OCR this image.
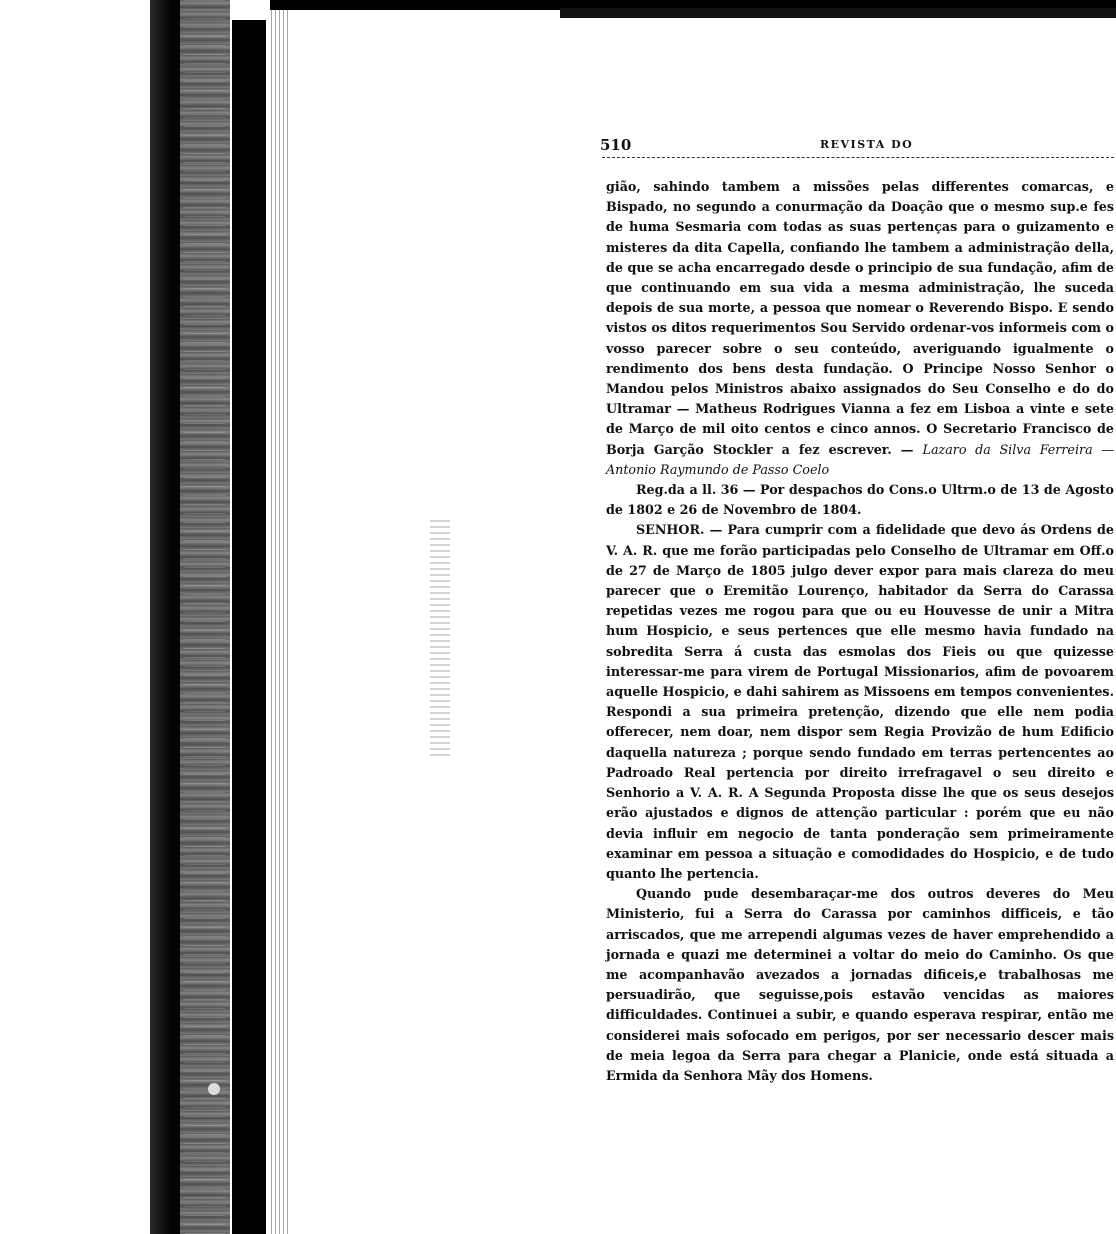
510	REVISTA DO

gião, sahindo tambem a missões pelas differentes comarcas, e Bispado, no segundo a conurmação da Doação que o mesmo sup.e fes de huma Sesmaria com todas as suas pertenças para o guizamento e misteres da dita Capella, confiando lhe tambem a administração della, de que se acha encarregado desde o principio de sua fundação, afim de que continuando em sua vida a mesma administração, lhe suceda depois de sua morte, a pessoa que nomear o Reverendo Bispo. E sendo vistos os ditos requerimentos Sou Servido ordenar-vos informeis com o vosso parecer sobre o seu conteúdo, averiguando igualmente o rendimento dos bens desta fundação. O Principe Nosso Senhor o Mandou pelos Ministros abaixo assignados do Seu Conselho e do do Ultramar — Matheus Rodrigues Vianna a fez em Lisboa a vinte e sete de Março de mil oito centos e cinco annos. O Secretario Francisco de Borja Garção Stockler a fez escrever. — Lazaro da Silva Ferreira — Antonio Raymundo de Passo Coelo

Reg.da a ll. 36 — Por despachos do Cons.o Ultrm.o de 13 de Agosto de 1802 e 26 de Novembro de 1804.

SENHOR. — Para cumprir com a fidelidade que devo ás Ordens de V. A. R. que me forão participadas pelo Conselho de Ultramar em Off.o de 27 de Março de 1805 julgo dever expor para mais clareza do meu parecer que o Eremitão Lourenço, habitador da Serra do Carassa repetidas vezes me rogou para que ou eu Houvesse de unir a Mitra hum Hospicio, e seus pertences que elle mesmo havia fundado na sobredita Serra á custa das esmolas dos Fieis ou que quizesse interessar-me para virem de Portugal Missionarios, afim de povoarem aquelle Hospicio, e dahi sahirem as Missoens em tempos convenientes. Respondi a sua primeira pretenção, dizendo que elle nem podia offerecer, nem doar, nem dispor sem Regia Provizão de hum Edificio daquella natureza ; porque sendo fundado em terras pertencentes ao Padroado Real pertencia por direito irrefragavel o seu direito e Senhorio a V. A. R. A Segunda Proposta disse lhe que os seus desejos erão ajustados e dignos de attenção particular : porém que eu não devia influir em negocio de tanta ponderação sem primeiramente examinar em pessoa a situação e comodidades do Hospicio, e de tudo quanto lhe pertencia.

Quando pude desembaraçar-me dos outros deveres do Meu Ministerio, fui a Serra do Carassa por caminhos difficeis, e tão arriscados, que me arrependi algumas vezes de haver emprehendido a jornada e quazi me determinei a voltar do meio do Caminho. Os que me acompanhavão avezados a jornadas dificeis,e trabalhosas me persuadirão, que seguisse,pois estavão vencidas as maiores difficuldades. Continuei a subir, e quando esperava respirar, então me considerei mais sofocado em perigos, por ser necessario descer mais de meia legoa da Serra para chegar a Planicie, onde está situada a Ermida da Senhora Mãy dos Homens.
